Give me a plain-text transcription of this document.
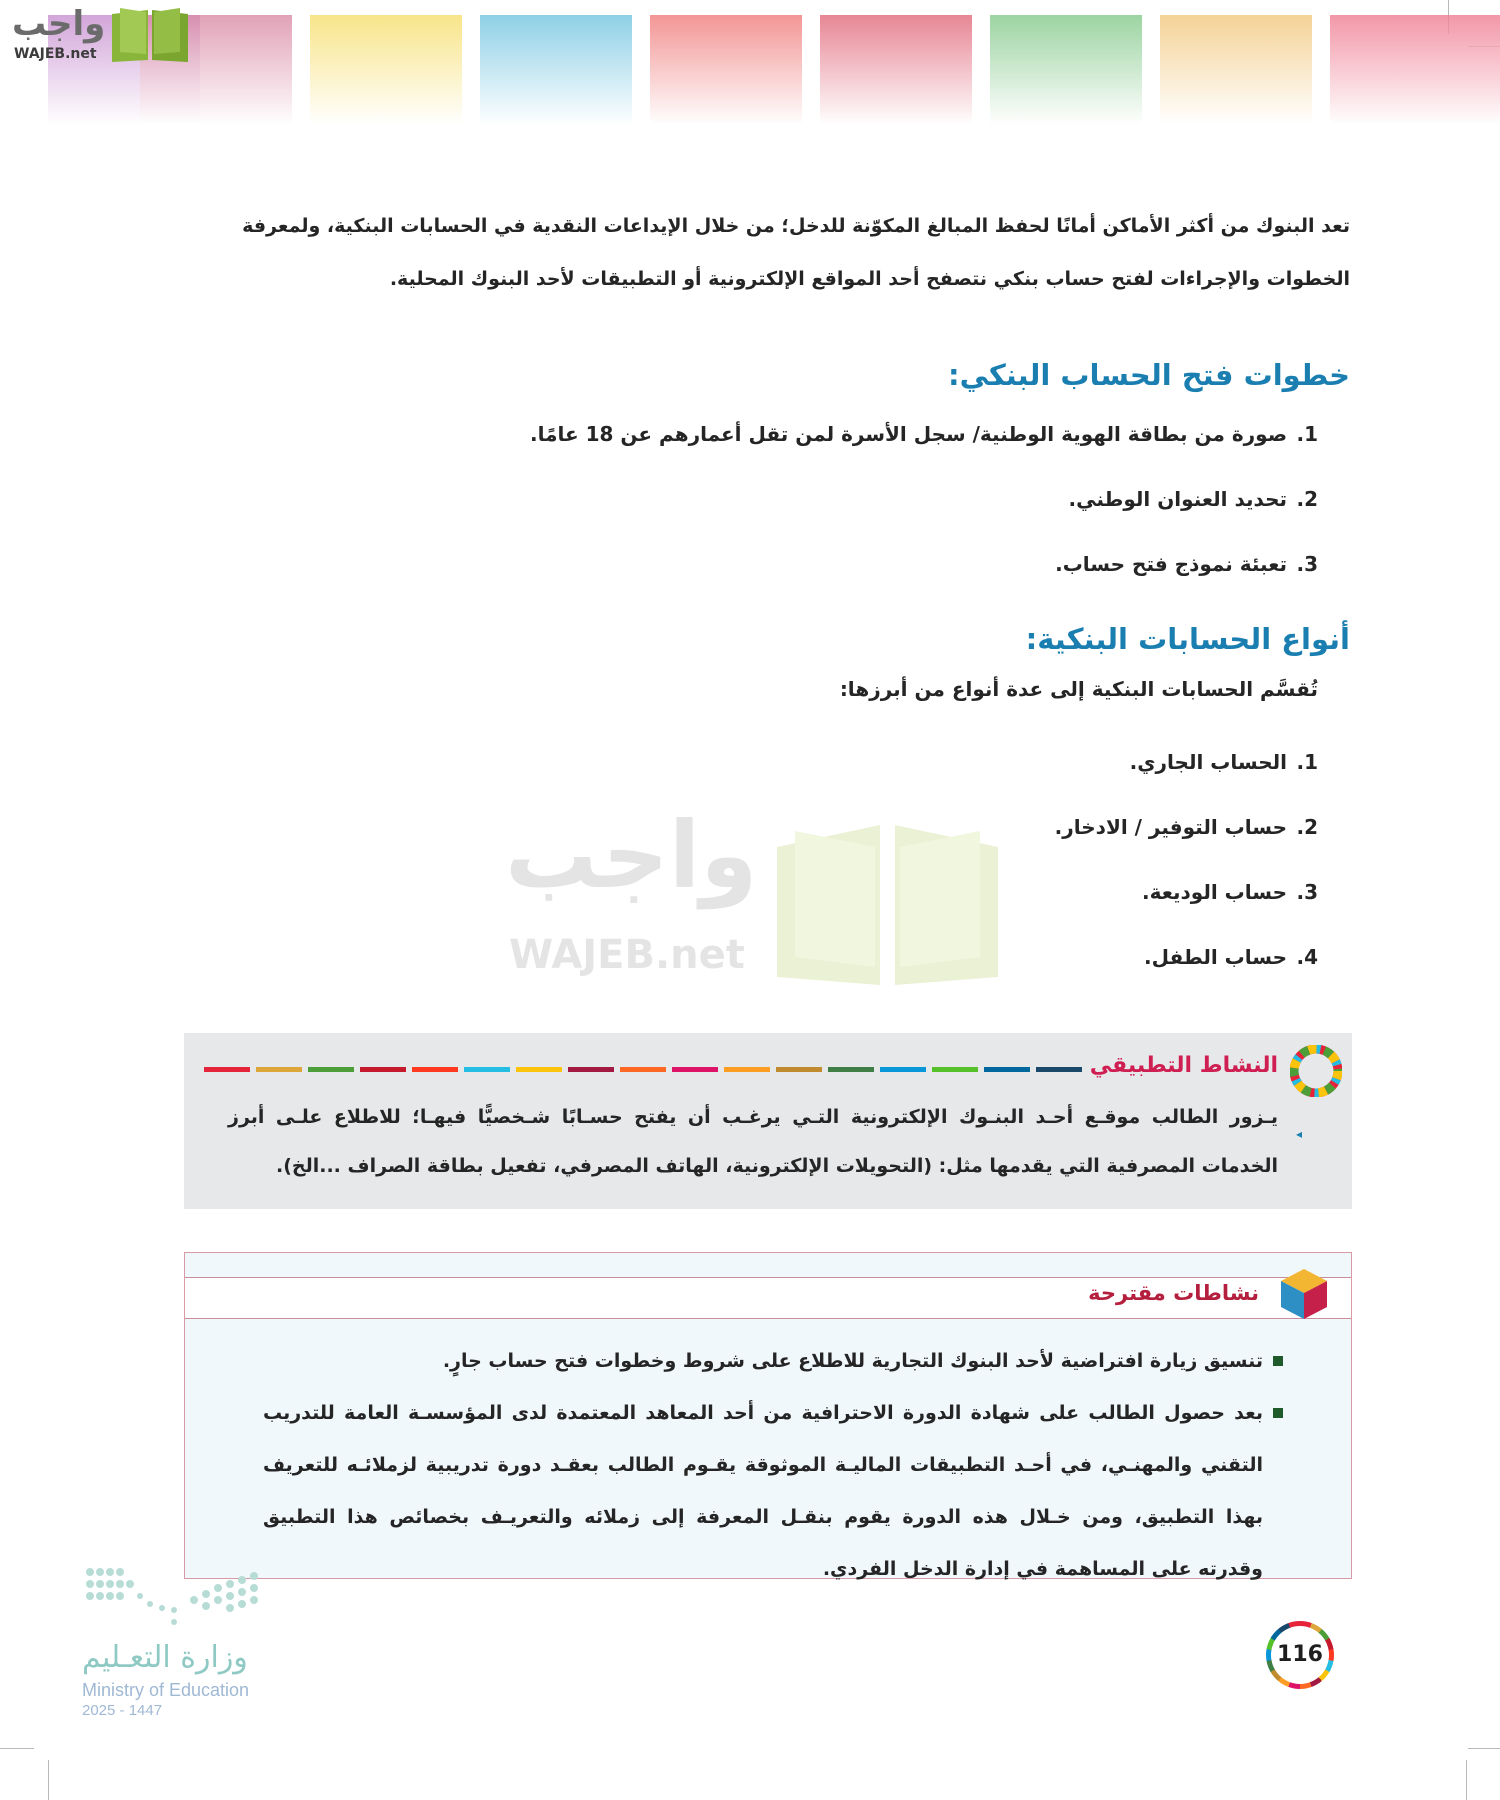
واجب
WAJEB.net
واجب
WAJEB.net
تعد البنوك من أكثر الأماكن أمانًا لحفظ المبالغ المكوّنة للدخل؛ من خلال الإيداعات النقدية في الحسابات البنكية، ولمعرفة
الخطوات والإجراءات لفتح حساب بنكي نتصفح أحد المواقع الإلكترونية أو التطبيقات لأحد البنوك المحلية.
خطوات فتح الحساب البنكي:
1. صورة من بطاقة الهوية الوطنية/ سجل الأسرة لمن تقل أعمارهم عن 18 عامًا.
2. تحديد العنوان الوطني.
3. تعبئة نموذج فتح حساب.
أنواع الحسابات البنكية:
تُقسَّم الحسابات البنكية إلى عدة أنواع من أبرزها:
1. الحساب الجاري.
2. حساب التوفير / الادخار.
3. حساب الوديعة.
4. حساب الطفل.
النشاط التطبيقي
◂
يـزور الطالب موقـع أحـد البنـوك الإلكترونية التـي يرغـب أن يفتح حسـابًا شـخصيًّا فيهـا؛ للاطلاع علـى أبرز الخدمات المصرفية التي يقدمها مثل: (التحويلات الإلكترونية، الهاتف المصرفي، تفعيل بطاقة الصراف ...الخ).
نشاطات مقترحة
تنسيق زيارة افتراضية لأحد البنوك التجارية للاطلاع على شروط وخطوات فتح حساب جارٍ.
بعد حصول الطالب على شهادة الدورة الاحترافية من أحد المعاهد المعتمدة لدى المؤسسـة العامة للتدريب التقني والمهنـي، في أحـد التطبيقات الماليـة الموثوقة يقـوم الطالب بعقـد دورة تدريبية لزملائـه للتعريف بهذا التطبيق، ومن خـلال هذه الدورة يقوم بنقـل المعرفة إلى زملائه والتعريـف بخصائص هذا التطبيق وقدرته على المساهمة في إدارة الدخل الفردي.
وزارة التعـليم
Ministry of Education
2025 - 1447
116
